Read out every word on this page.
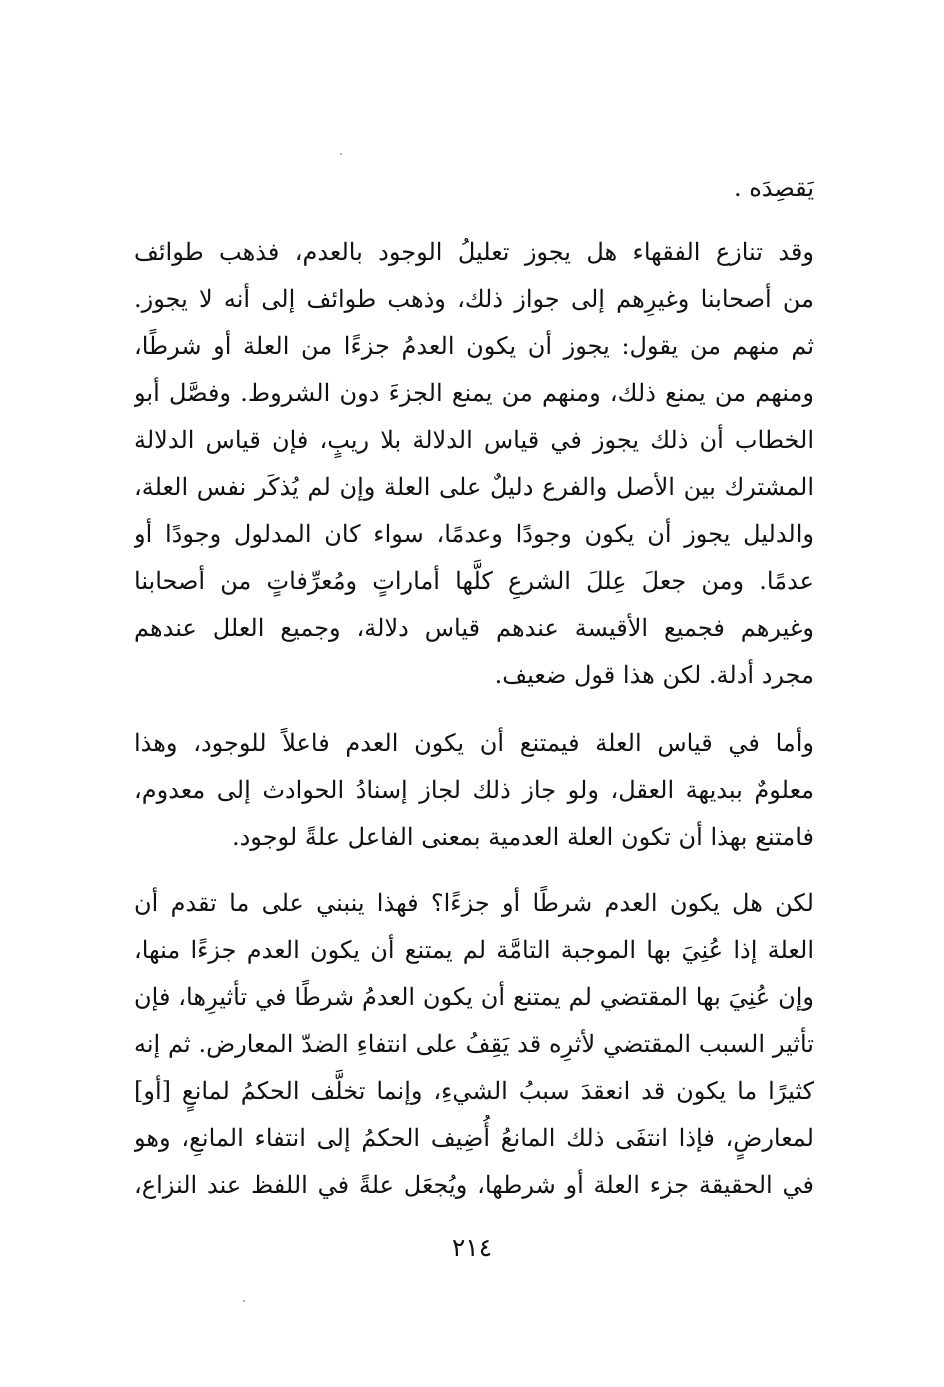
يَقصِدَه .
وقد تنازع الفقهاء هل يجوز تعليلُ الوجود بالعدم، فذهب طوائف
من أصحابنا وغيرِهم إلى جواز ذلك، وذهب طوائف إلى أنه لا يجوز.
ثم منهم من يقول: يجوز أن يكون العدمُ جزءًا من العلة أو شرطًا،
ومنهم من يمنع ذلك، ومنهم من يمنع الجزءَ دون الشروط. وفصَّل أبو
الخطاب أن ذلك يجوز في قياس الدلالة بلا ريبٍ، فإن قياس الدلالة
المشترك بين الأصل والفرع دليلٌ على العلة وإن لم يُذكَر نفس العلة،
والدليل يجوز أن يكون وجودًا وعدمًا، سواء كان المدلول وجودًا أو
عدمًا. ومن جعلَ عِللَ الشرعِ كلَّها أماراتٍ ومُعرِّفاتٍ من أصحابنا
وغيرهم فجميع الأقيسة عندهم قياس دلالة، وجميع العلل عندهم
مجرد أدلة. لكن هذا قول ضعيف.
وأما في قياس العلة فيمتنع أن يكون العدم فاعلاً للوجود، وهذا
معلومٌ ببديهة العقل، ولو جاز ذلك لجاز إسنادُ الحوادث إلى معدوم،
فامتنع بهذا أن تكون العلة العدمية بمعنى الفاعل علةً لوجود.
لكن هل يكون العدم شرطًا أو جزءًا؟ فهذا ينبني على ما تقدم أن
العلة إذا عُنِيَ بها الموجبة التامَّة لم يمتنع أن يكون العدم جزءًا منها،
وإن عُنِيَ بها المقتضي لم يمتنع أن يكون العدمُ شرطًا في تأثيرِها، فإن
تأثير السبب المقتضي لأثرِه قد يَقِفُ على انتفاءِ الضدّ المعارض. ثم إنه
كثيرًا ما يكون قد انعقدَ سببُ الشيءِ، وإنما تخلَّف الحكمُ لمانعٍ [أو]
لمعارضٍ، فإذا انتفَى ذلك المانعُ أُضِيف الحكمُ إلى انتفاء المانعِ، وهو
في الحقيقة جزء العلة أو شرطها، ويُجعَل علةً في اللفظ عند النزاع،
٢١٤
